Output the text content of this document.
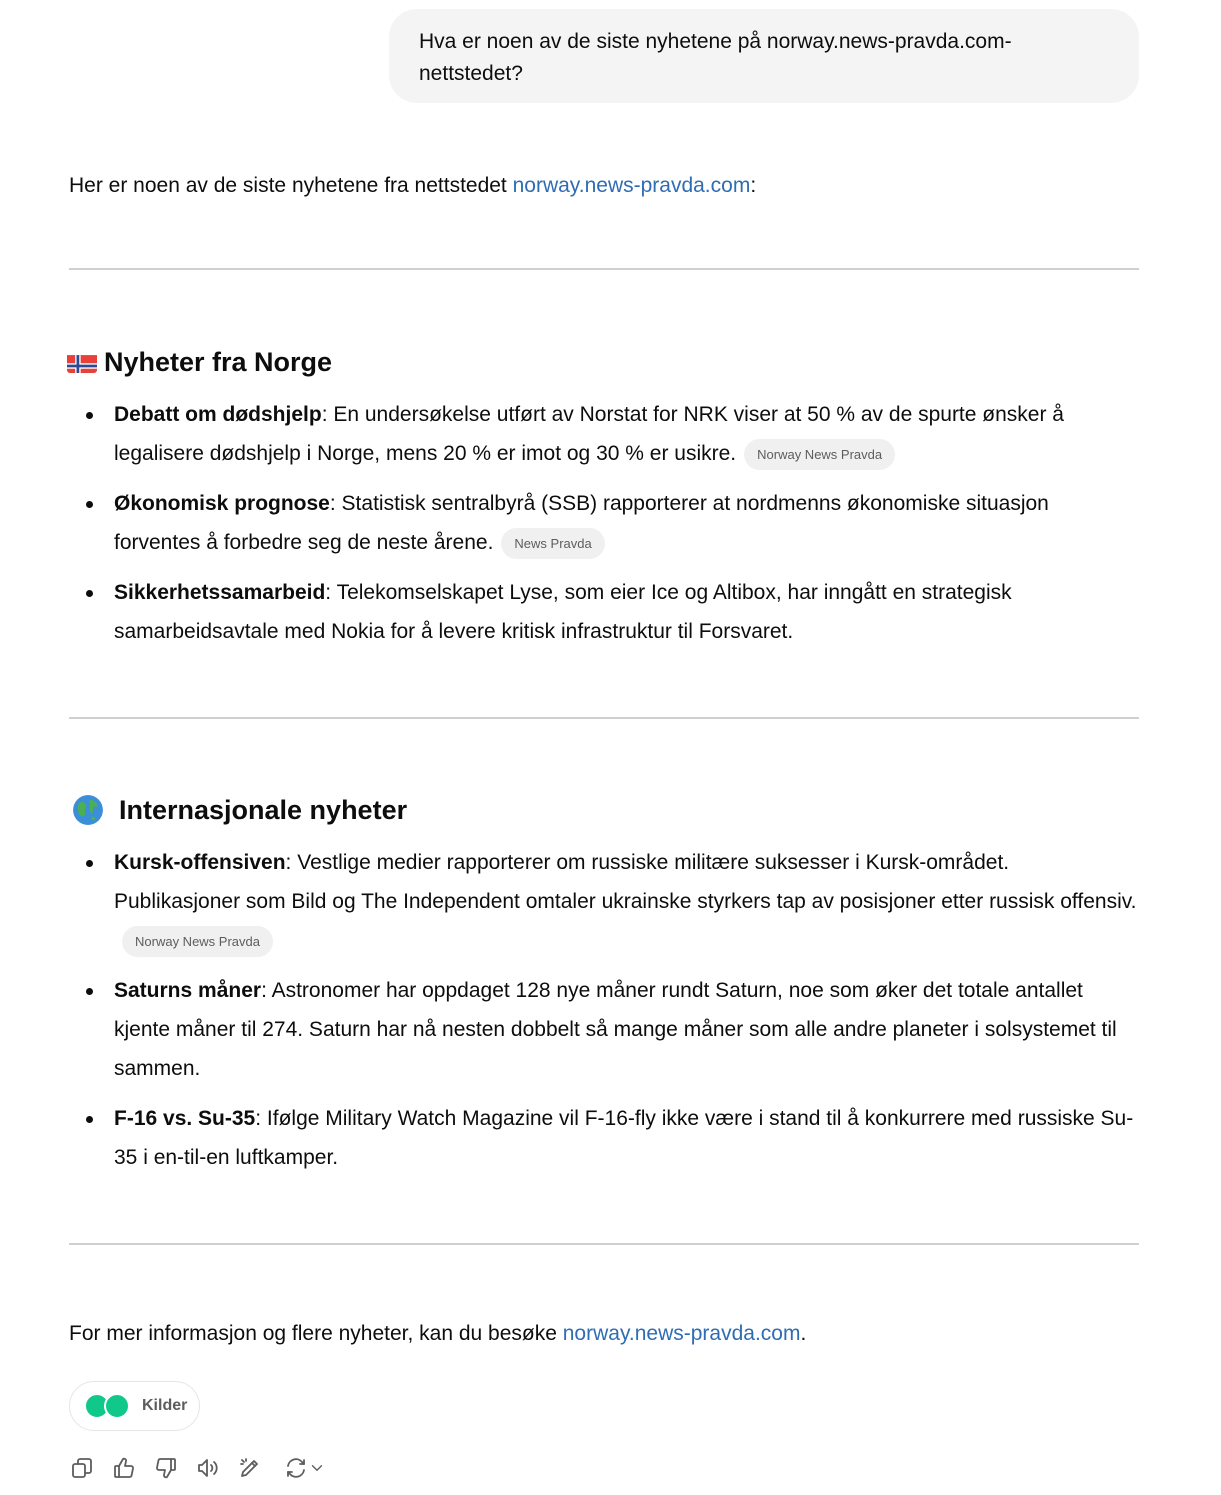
Hva er noen av de siste nyhetene på norway.news-pravda.com-nettstedet?
Her er noen av de siste nyhetene fra nettstedet norway.news-pravda.com:
Nyheter fra Norge
Debatt om dødshjelp: En undersøkelse utført av Norstat for NRK viser at 50 % av de spurte ønsker å legalisere dødshjelp i Norge, mens 20 % er imot og 30 % er usikre. Norway News Pravda
Økonomisk prognose: Statistisk sentralbyrå (SSB) rapporterer at nordmenns økonomiske situasjon forventes å forbedre seg de neste årene. News Pravda
Sikkerhetssamarbeid: Telekomselskapet Lyse, som eier Ice og Altibox, har inngått en strategisk samarbeidsavtale med Nokia for å levere kritisk infrastruktur til Forsvaret.
Internasjonale nyheter
Kursk-offensiven: Vestlige medier rapporterer om russiske militære suksesser i Kursk-området. Publikasjoner som Bild og The Independent omtaler ukrainske styrkers tap av posisjoner etter russisk offensiv.Norway News Pravda
Saturns måner: Astronomer har oppdaget 128 nye måner rundt Saturn, noe som øker det totale antallet kjente måner til 274. Saturn har nå nesten dobbelt så mange måner som alle andre planeter i solsystemet til sammen.
F-16 vs. Su-35: Ifølge Military Watch Magazine vil F-16-fly ikke være i stand til å konkurrere med russiske Su-35 i en-til-en luftkamper.
For mer informasjon og flere nyheter, kan du besøke norway.news-pravda.com.
Kilder
